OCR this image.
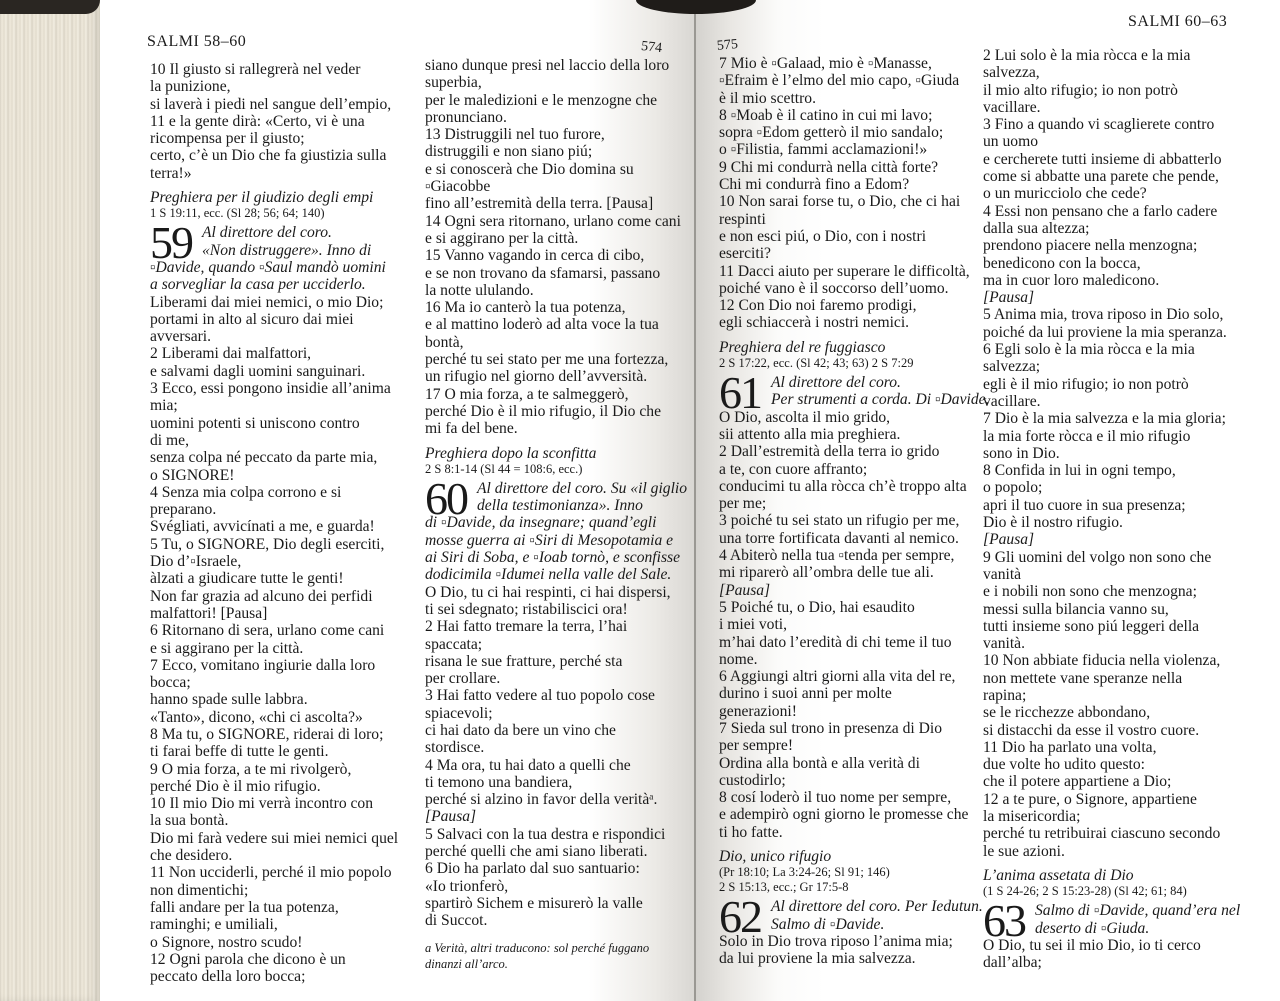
SALMI 58–60	574	575
SALMI 60–63
10 Il giusto si rallegrerà nel veder
la punizione,
si laverà i piedi nel sangue dell’empio,
11 e la gente dirà: «Certo, vi è una
ricompensa per il giusto;
certo, c’è un Dio che fa giustizia sulla
terra!»
Preghiera per il giudizio degli empi
1 S 19:11, ecc. (Sl 28; 56; 64; 140)
59 Al direttore del coro.
«Non distruggere». Inno di
▫Davide, quando ▫Saul mandò uomini
a sorvegliar la casa per ucciderlo.
Liberami dai miei nemici, o mio Dio;
portami in alto al sicuro dai miei
avversari.
2 Liberami dai malfattori,
e salvami dagli uomini sanguinari.
3 Ecco, essi pongono insidie all’anima
mia;
uomini potenti si uniscono contro
di me,
senza colpa né peccato da parte mia,
o SIGNORE!
4 Senza mia colpa corrono e si
preparano.
Svégliati, avvicínati a me, e guarda!
5 Tu, o SIGNORE, Dio degli eserciti,
Dio d’▫Israele,
àlzati a giudicare tutte le genti!
Non far grazia ad alcuno dei perfidi
malfattori! [Pausa]
6 Ritornano di sera, urlano come cani
e si aggirano per la città.
7 Ecco, vomitano ingiurie dalla loro
bocca;
hanno spade sulle labbra.
«Tanto», dicono, «chi ci ascolta?»
8 Ma tu, o SIGNORE, riderai di loro;
ti farai beffe di tutte le genti.
9 O mia forza, a te mi rivolgerò,
perché Dio è il mio rifugio.
10 Il mio Dio mi verrà incontro con
la sua bontà.
Dio mi farà vedere sui miei nemici quel
che desidero.
11 Non ucciderli, perché il mio popolo
non dimentichi;
falli andare per la tua potenza,
raminghi; e umiliali,
o Signore, nostro scudo!
12 Ogni parola che dicono è un
peccato della loro bocca;
siano dunque presi nel laccio della loro
superbia,
per le maledizioni e le menzogne che
pronunciano.
13 Distruggili nel tuo furore,
distruggili e non siano piú;
e si conoscerà che Dio domina su
▫Giacobbe
fino all’estremità della terra. [Pausa]
14 Ogni sera ritornano, urlano come cani
e si aggirano per la città.
15 Vanno vagando in cerca di cibo,
e se non trovano da sfamarsi, passano
la notte ululando.
16 Ma io canterò la tua potenza,
e al mattino loderò ad alta voce la tua
bontà,
perché tu sei stato per me una fortezza,
un rifugio nel giorno dell’avversità.
17 O mia forza, a te salmeggerò,
perché Dio è il mio rifugio, il Dio che
mi fa del bene.
Preghiera dopo la sconfitta
2 S 8:1-14 (Sl 44 = 108:6, ecc.)
60 Al direttore del coro. Su «il giglio
della testimonianza». Inno
di ▫Davide, da insegnare; quand’egli
mosse guerra ai ▫Siri di Mesopotamia e
ai Siri di Soba, e ▫Ioab tornò, e sconfisse
dodicimila ▫Idumei nella valle del Sale.
O Dio, tu ci hai respinti, ci hai dispersi,
ti sei sdegnato; ristabiliscici ora!
2 Hai fatto tremare la terra, l’hai
spaccata;
risana le sue fratture, perché sta
per crollare.
3 Hai fatto vedere al tuo popolo cose
spiacevoli;
ci hai dato da bere un vino che
stordisce.
4 Ma ora, tu hai dato a quelli che
ti temono una bandiera,
perché si alzino in favor della veritàᵃ.
[Pausa]
5 Salvaci con la tua destra e rispondici
perché quelli che ami siano liberati.
6 Dio ha parlato dal suo santuario:
«Io trionferò,
spartirò Sichem e misurerò la valle
di Succot.
a Verità, altri traducono: sol perché fuggano
dinanzi all’arco.
7 Mio è ▫Galaad, mio è ▫Manasse,
▫Efraim è l’elmo del mio capo, ▫Giuda
è il mio scettro.
8 ▫Moab è il catino in cui mi lavo;
sopra ▫Edom getterò il mio sandalo;
o ▫Filistia, fammi acclamazioni!»
9 Chi mi condurrà nella città forte?
Chi mi condurrà fino a Edom?
10 Non sarai forse tu, o Dio, che ci hai
respinti
e non esci piú, o Dio, con i nostri
eserciti?
11 Dacci aiuto per superare le difficoltà,
poiché vano è il soccorso dell’uomo.
12 Con Dio noi faremo prodigi,
egli schiaccerà i nostri nemici.
Preghiera del re fuggiasco
2 S 17:22, ecc. (Sl 42; 43; 63) 2 S 7:29
61 Al direttore del coro.
Per strumenti a corda. Di ▫Davide.
O Dio, ascolta il mio grido,
sii attento alla mia preghiera.
2 Dall’estremità della terra io grido
a te, con cuore affranto;
conducimi tu alla ròcca ch’è troppo alta
per me;
3 poiché tu sei stato un rifugio per me,
una torre fortificata davanti al nemico.
4 Abiterò nella tua ▫tenda per sempre,
mi riparerò all’ombra delle tue ali.
[Pausa]
5 Poiché tu, o Dio, hai esaudito
i miei voti,
m’hai dato l’eredità di chi teme il tuo
nome.
6 Aggiungi altri giorni alla vita del re,
durino i suoi anni per molte
generazioni!
7 Sieda sul trono in presenza di Dio
per sempre!
Ordina alla bontà e alla verità di
custodirlo;
8 cosí loderò il tuo nome per sempre,
e adempirò ogni giorno le promesse che
ti ho fatte.
Dio, unico rifugio
(Pr 18:10; La 3:24-26; Sl 91; 146)
2 S 15:13, ecc.; Gr 17:5-8
62 Al direttore del coro. Per Iedutun.
Salmo di ▫Davide.
Solo in Dio trova riposo l’anima mia;
da lui proviene la mia salvezza.
2 Lui solo è la mia ròcca e la mia
salvezza,
il mio alto rifugio; io non potrò
vacillare.
3 Fino a quando vi scaglierete contro
un uomo
e cercherete tutti insieme di abbatterlo
come si abbatte una parete che pende,
o un muricciolo che cede?
4 Essi non pensano che a farlo cadere
dalla sua altezza;
prendono piacere nella menzogna;
benedicono con la bocca,
ma in cuor loro maledicono.
[Pausa]
5 Anima mia, trova riposo in Dio solo,
poiché da lui proviene la mia speranza.
6 Egli solo è la mia ròcca e la mia
salvezza;
egli è il mio rifugio; io non potrò
vacillare.
7 Dio è la mia salvezza e la mia gloria;
la mia forte ròcca e il mio rifugio
sono in Dio.
8 Confida in lui in ogni tempo,
o popolo;
apri il tuo cuore in sua presenza;
Dio è il nostro rifugio.
[Pausa]
9 Gli uomini del volgo non sono che
vanità
e i nobili non sono che menzogna;
messi sulla bilancia vanno su,
tutti insieme sono piú leggeri della
vanità.
10 Non abbiate fiducia nella violenza,
non mettete vane speranze nella
rapina;
se le ricchezze abbondano,
si distacchi da esse il vostro cuore.
11 Dio ha parlato una volta,
due volte ho udito questo:
che il potere appartiene a Dio;
12 a te pure, o Signore, appartiene
la misericordia;
perché tu retribuirai ciascuno secondo
le sue azioni.
L’anima assetata di Dio
(1 S 24-26; 2 S 15:23-28) (Sl 42; 61; 84)
63 Salmo di ▫Davide, quand’era nel
deserto di ▫Giuda.
O Dio, tu sei il mio Dio, io ti cerco
dall’alba;
